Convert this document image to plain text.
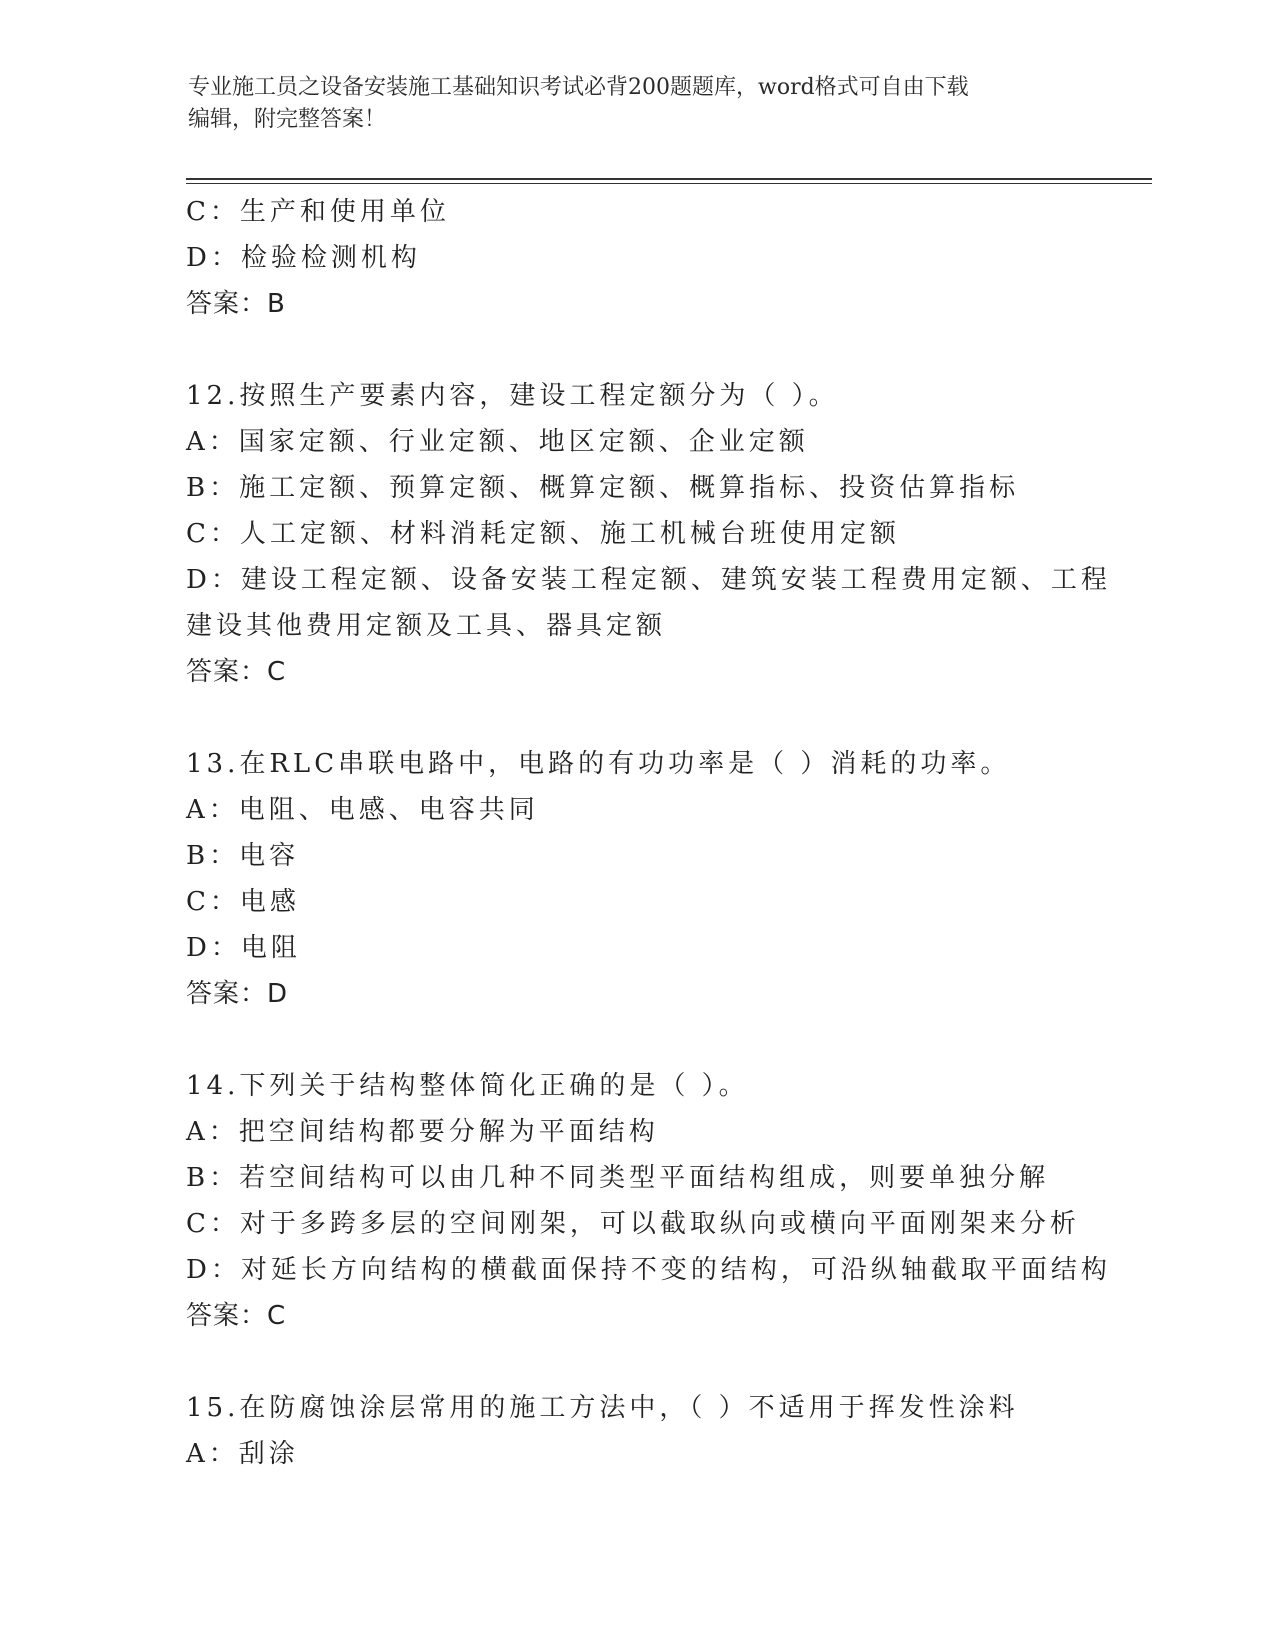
专业施工员之设备安装施工基础知识考试必背200题题库，word格式可自由下载
编辑，附完整答案！
C：生产和使用单位
D：检验检测机构
答案：B
12.按照生产要素内容，建设工程定额分为（ ）。
A：国家定额、行业定额、地区定额、企业定额
B：施工定额、预算定额、概算定额、概算指标、投资估算指标
C：人工定额、材料消耗定额、施工机械台班使用定额
D：建设工程定额、设备安装工程定额、建筑安装工程费用定额、工程
建设其他费用定额及工具、器具定额
答案：C
13.在RLC串联电路中，电路的有功功率是（ ）消耗的功率。
A：电阻、电感、电容共同
B：电容
C：电感
D：电阻
答案：D
14.下列关于结构整体简化正确的是（ ）。
A：把空间结构都要分解为平面结构
B：若空间结构可以由几种不同类型平面结构组成，则要单独分解
C：对于多跨多层的空间刚架，可以截取纵向或横向平面刚架来分析
D：对延长方向结构的横截面保持不变的结构，可沿纵轴截取平面结构
答案：C
15.在防腐蚀涂层常用的施工方法中，（ ）不适用于挥发性涂料
A：刮涂
